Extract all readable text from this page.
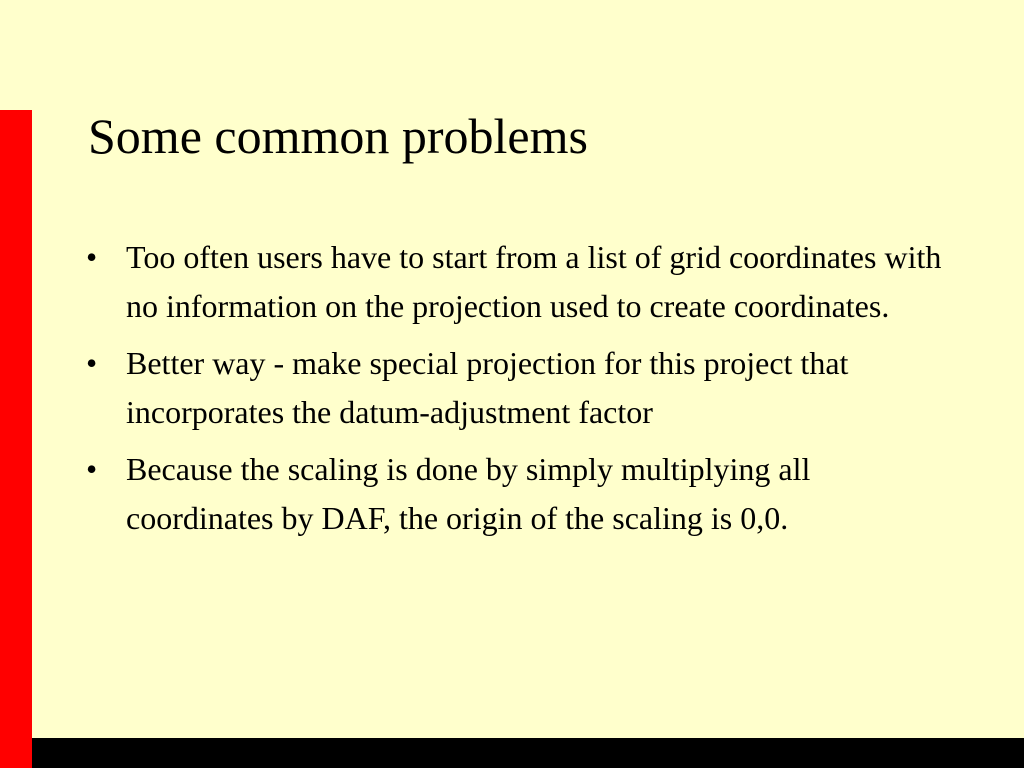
Some common problems
• Too often users have to start from a list of grid coordinates with no information on the projection used to create coordinates.
• Better way - make special projection for this project that incorporates the datum-adjustment factor
• Because the scaling is done by simply multiplying all coordinates by DAF, the origin of the scaling is 0,0.
